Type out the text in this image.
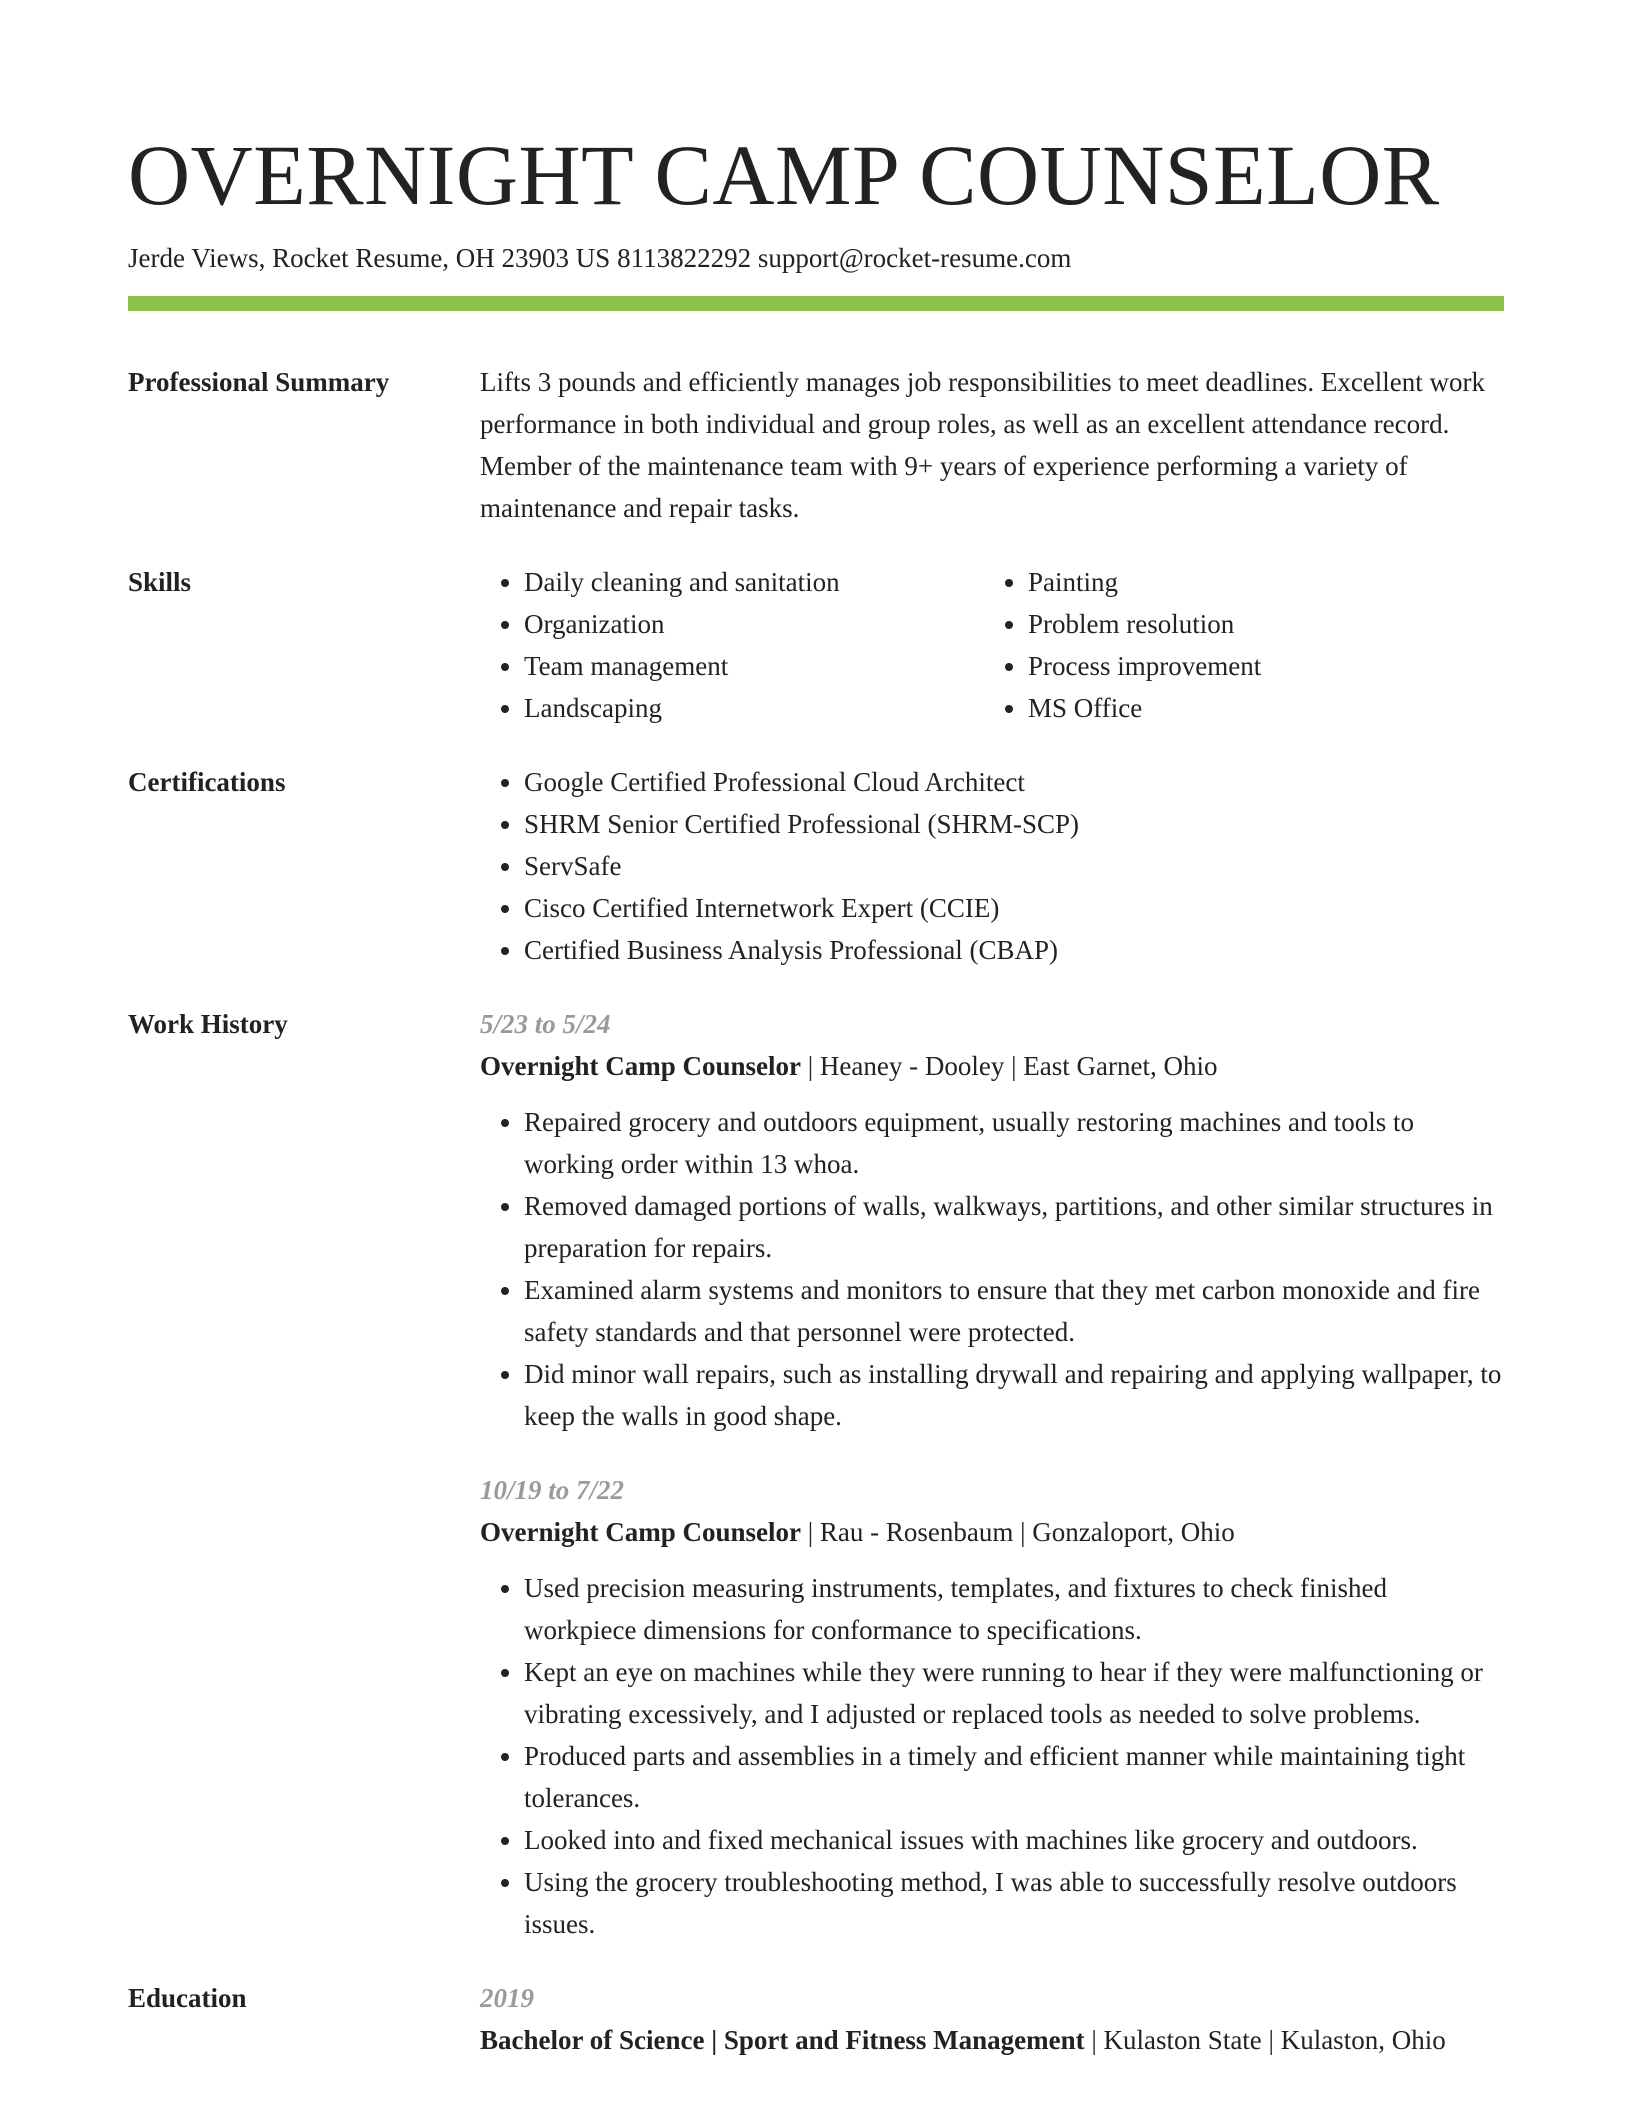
OVERNIGHT CAMP COUNSELOR
Jerde Views, Rocket Resume, OH 23903 US 8113822292 support@rocket-resume.com
Professional Summary	Lifts 3 pounds and efficiently manages job responsibilities to meet deadlines. Excellent work performance in both individual and group roles, as well as an excellent attendance record. Member of the maintenance team with 9+ years of experience performing a variety of maintenance and repair tasks.

Skills	• Daily cleaning and sanitation
• Organization
• Team management
• Landscaping
• Painting
• Problem resolution
• Process improvement
• MS Office
Certifications	• Google Certified Professional Cloud Architect
• SHRM Senior Certified Professional (SHRM-SCP)
• ServSafe
• Cisco Certified Internetwork Expert (CCIE)
• Certified Business Analysis Professional (CBAP)
Work History	5/23 to 5/24
Overnight Camp Counselor | Heaney - Dooley | East Garnet, Ohio
• Repaired grocery and outdoors equipment, usually restoring machines and tools to working order within 13 whoa.
• Removed damaged portions of walls, walkways, partitions, and other similar structures in preparation for repairs.
• Examined alarm systems and monitors to ensure that they met carbon monoxide and fire safety standards and that personnel were protected.
• Did minor wall repairs, such as installing drywall and repairing and applying wallpaper, to keep the walls in good shape.
10/19 to 7/22
Overnight Camp Counselor | Rau - Rosenbaum | Gonzaloport, Ohio
• Used precision measuring instruments, templates, and fixtures to check finished workpiece dimensions for conformance to specifications.
• Kept an eye on machines while they were running to hear if they were malfunctioning or vibrating excessively, and I adjusted or replaced tools as needed to solve problems.
• Produced parts and assemblies in a timely and efficient manner while maintaining tight tolerances.
• Looked into and fixed mechanical issues with machines like grocery and outdoors.
• Using the grocery troubleshooting method, I was able to successfully resolve outdoors issues.
Education	2019
Bachelor of Science | Sport and Fitness Management | Kulaston State | Kulaston, Ohio
